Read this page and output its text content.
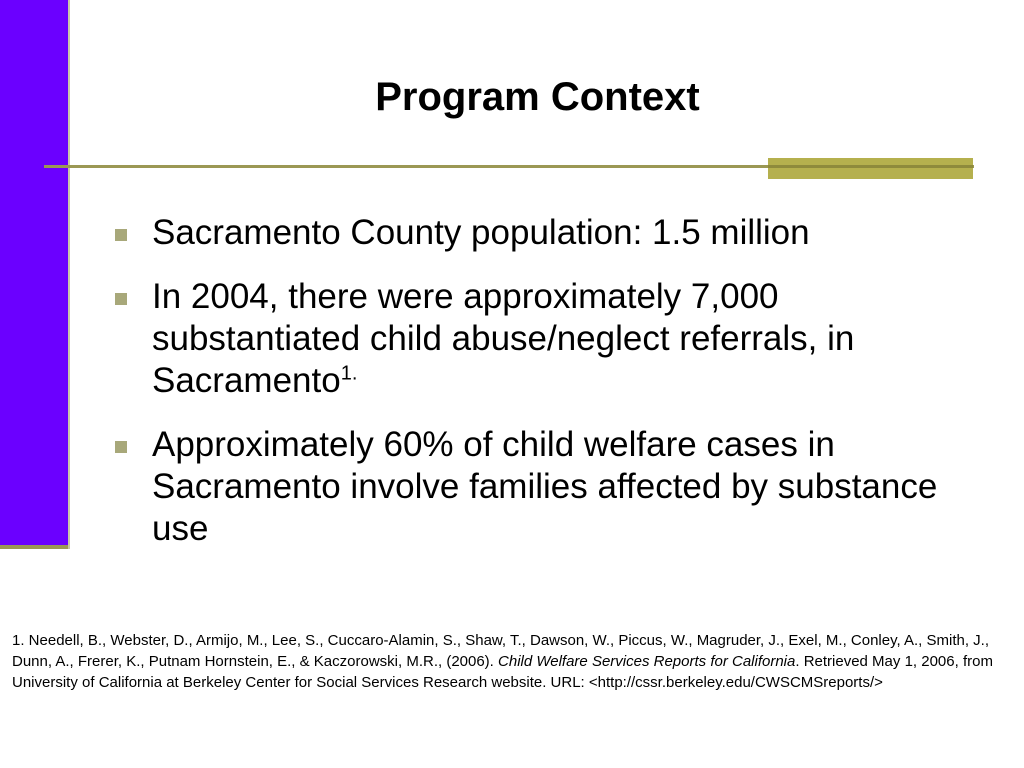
Program Context
Sacramento County population: 1.5 million
In 2004, there were approximately 7,000 substantiated child abuse/neglect referrals, in Sacramento$^{1.}$
Approximately 60% of child welfare cases in Sacramento involve families affected by substance use
1. Needell, B., Webster, D., Armijo, M., Lee, S., Cuccaro-Alamin, S., Shaw, T., Dawson, W., Piccus, W., Magruder, J., Exel, M., Conley, A., Smith, J., Dunn, A., Frerer, K., Putnam Hornstein, E., & Kaczorowski, M.R., (2006). Child Welfare Services Reports for California. Retrieved May 1, 2006, from University of California at Berkeley Center for Social Services Research website. URL: <http://cssr.berkeley.edu/CWSCMSreports/>
